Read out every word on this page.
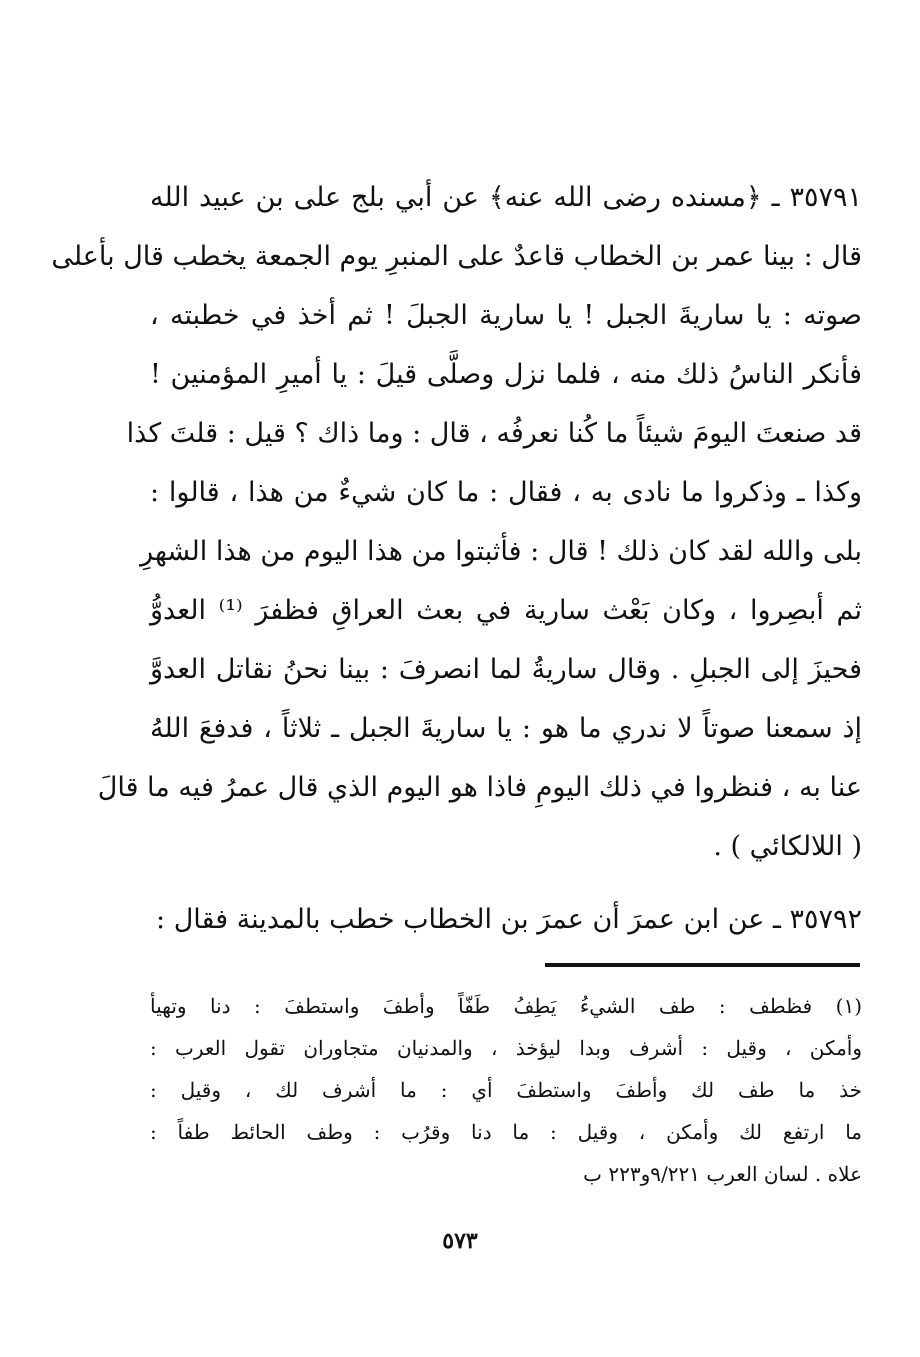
٣٥٧٩١ ـ ﴿مسنده رضى الله عنه﴾ عن أبي بلج على بن عبيد الله
قال : بينا عمر بن الخطاب قاعدٌ على المنبرِ يوم الجمعة يخطب قال بأعلى
صوته : يا ساريةَ الجبل ! يا سارية الجبلَ ! ثم أخذ في خطبته ،
فأنكر الناسُ ذلك منه ، فلما نزل وصلَّى قيلَ : يا أميرِ المؤمنين !
قد صنعتَ اليومَ شيئاً ما كُنا نعرفُه ، قال : وما ذاك ؟ قيل : قلتَ كذا
وكذا ـ وذكروا ما نادى به ، فقال : ما كان شيءٌ من هذا ، قالوا :
بلى والله لقد كان ذلك ! قال : فأثبتوا من هذا اليوم من هذا الشهرِ
ثم أبصِروا ، وكان بَعْث سارية في بعث العراقِ فظفرَ ⁽¹⁾ العدوُّ
فحيزَ إلى الجبلِ . وقال ساريةُ لما انصرفَ : بينا نحنُ نقاتل العدوَّ
إذ سمعنا صوتاً لا ندري ما هو : يا ساريةَ الجبل ـ ثلاثاً ، فدفعَ اللهُ
عنا به ، فنظروا في ذلك اليومِ فاذا هو اليوم الذي قال عمرُ فيه ما قالَ
( اللالكائي ) .
٣٥٧٩٢ ـ عن ابن عمرَ أن عمرَ بن الخطاب خطب بالمدينة فقال :
(١) فظطف : طف الشيءُ يَطِفُ طَفّاً وأطفَ واستطفَ : دنا وتهيأ
وأمكن ، وقيل : أشرف وبدا ليؤخذ ، والمدنيان متجاوران تقول العرب :
خذ ما طف لك وأطفَ واستطفَ أي : ما أشرف لك ، وقيل :
ما ارتفع لك وأمكن ، وقيل : ما دنا وقرُب : وطف الحائط طفاً :
علاه . لسان العرب ٩/٢٢١و٢٢٣ ب
٥٧٣
